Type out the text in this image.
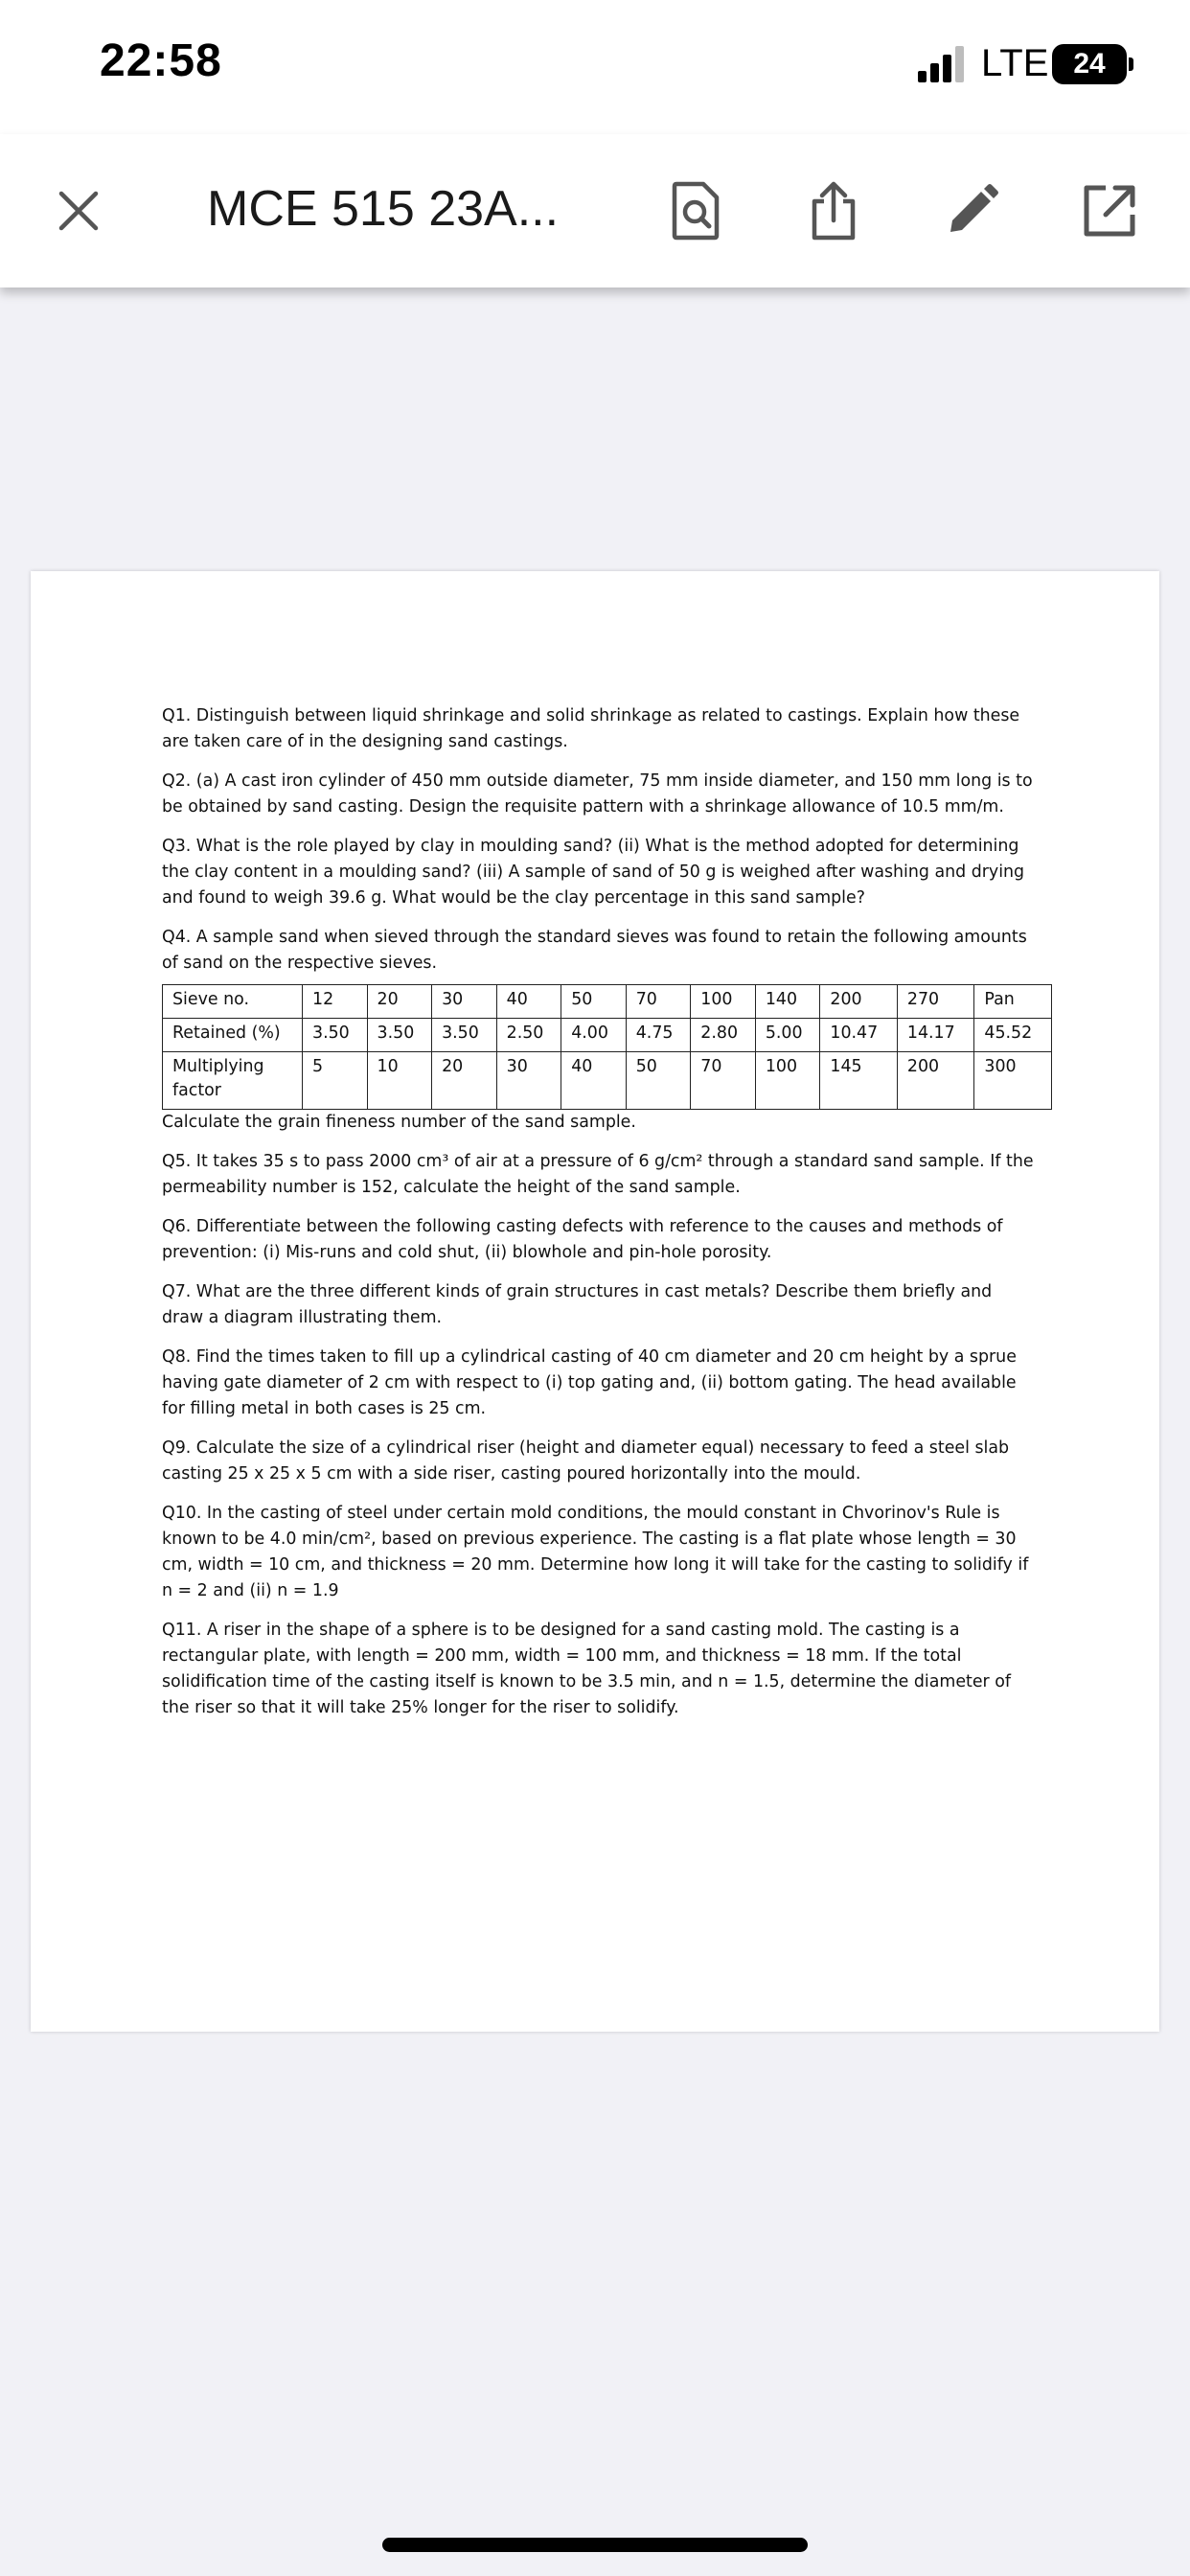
22:58	LTE 24
MCE 515 23A...

Q1. Distinguish between liquid shrinkage and solid shrinkage as related to castings. Explain how these are taken care of in the designing sand castings.

Q2. (a) A cast iron cylinder of 450 mm outside diameter, 75 mm inside diameter, and 150 mm long is to be obtained by sand casting. Design the requisite pattern with a shrinkage allowance of 10.5 mm/m.

Q3. What is the role played by clay in moulding sand? (ii) What is the method adopted for determining the clay content in a moulding sand? (iii) A sample of sand of 50 g is weighed after washing and drying and found to weigh 39.6 g. What would be the clay percentage in this sand sample?

Q4. A sample sand when sieved through the standard sieves was found to retain the following amounts of sand on the respective sieves.

Sieve no.	12	20	30	40	50	70	100	140	200	270	Pan
Retained (%)	3.50	3.50	3.50	2.50	4.00	4.75	2.80	5.00	10.47	14.17	45.52
Multiplying factor	5	10	20	30	40	50	70	100	145	200	300

Calculate the grain fineness number of the sand sample.

Q5. It takes 35 s to pass 2000 cm³ of air at a pressure of 6 g/cm² through a standard sand sample. If the permeability number is 152, calculate the height of the sand sample.

Q6. Differentiate between the following casting defects with reference to the causes and methods of prevention: (i) Mis-runs and cold shut, (ii) blowhole and pin-hole porosity.

Q7. What are the three different kinds of grain structures in cast metals? Describe them briefly and draw a diagram illustrating them.

Q8. Find the times taken to fill up a cylindrical casting of 40 cm diameter and 20 cm height by a sprue having gate diameter of 2 cm with respect to (i) top gating and, (ii) bottom gating. The head available for filling metal in both cases is 25 cm.

Q9. Calculate the size of a cylindrical riser (height and diameter equal) necessary to feed a steel slab casting 25 x 25 x 5 cm with a side riser, casting poured horizontally into the mould.

Q10. In the casting of steel under certain mold conditions, the mould constant in Chvorinov's Rule is known to be 4.0 min/cm², based on previous experience. The casting is a flat plate whose length = 30 cm, width = 10 cm, and thickness = 20 mm. Determine how long it will take for the casting to solidify if n = 2 and (ii) n = 1.9

Q11. A riser in the shape of a sphere is to be designed for a sand casting mold. The casting is a rectangular plate, with length = 200 mm, width = 100 mm, and thickness = 18 mm. If the total solidification time of the casting itself is known to be 3.5 min, and n = 1.5, determine the diameter of the riser so that it will take 25% longer for the riser to solidify.
